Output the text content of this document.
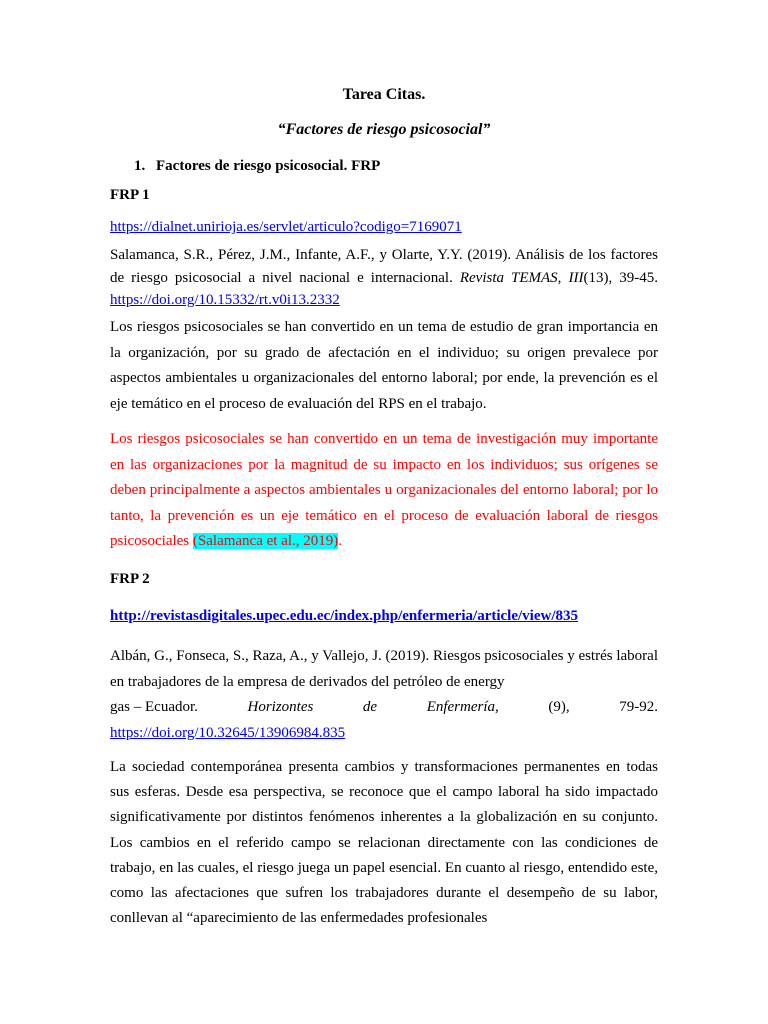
Tarea Citas.
“Factores de riesgo psicosocial”
1. Factores de riesgo psicosocial. FRP
FRP 1
https://dialnet.unirioja.es/servlet/articulo?codigo=7169071
Salamanca, S.R., Pérez, J.M., Infante, A.F., y Olarte, Y.Y. (2019). Análisis de los factores de riesgo psicosocial a nivel nacional e internacional. Revista TEMAS, III(13), 39-45. https://doi.org/10.15332/rt.v0i13.2332
Los riesgos psicosociales se han convertido en un tema de estudio de gran importancia en la organización, por su grado de afectación en el individuo; su origen prevalece por aspectos ambientales u organizacionales del entorno laboral; por ende, la prevención es el eje temático en el proceso de evaluación del RPS en el trabajo.
Los riesgos psicosociales se han convertido en un tema de investigación muy importante en las organizaciones por la magnitud de su impacto en los individuos; sus orígenes se deben principalmente a aspectos ambientales u organizacionales del entorno laboral; por lo tanto, la prevención es un eje temático en el proceso de evaluación laboral de riesgos psicosociales (Salamanca et al., 2019).
FRP 2
http://revistasdigitales.upec.edu.ec/index.php/enfermeria/article/view/835
Albán, G., Fonseca, S., Raza, A., y Vallejo, J. (2019). Riesgos psicosociales y estrés laboral en trabajadores de la empresa de derivados del petróleo de energy
gas – Ecuador.	Horizontes	de	Enfermería,	(9),	79-92.
https://doi.org/10.32645/13906984.835
La sociedad contemporánea presenta cambios y transformaciones permanentes en todas sus esferas. Desde esa perspectiva, se reconoce que el campo laboral ha sido impactado significativamente por distintos fenómenos inherentes a la globalización en su conjunto. Los cambios en el referido campo se relacionan directamente con las condiciones de trabajo, en las cuales, el riesgo juega un papel esencial. En cuanto al riesgo, entendido este, como las afectaciones que sufren los trabajadores durante el desempeño de su labor, conllevan al “aparecimiento de las enfermedades profesionales
